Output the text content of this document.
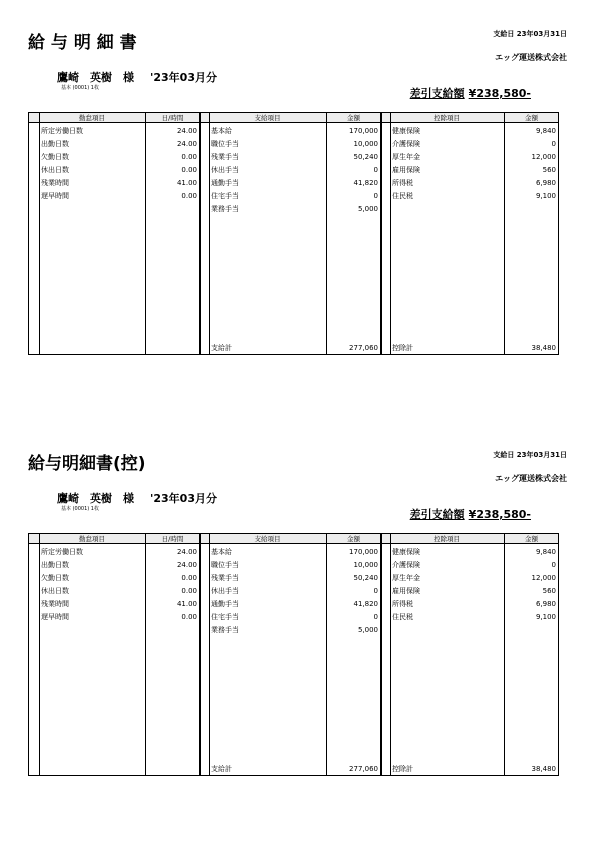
給 与 明 細 書	支給日 23年03月31日
エッグ運送株式会社
鷹崎　英樹　様 '23年03月分
基本 (0001) 1枚	差引支給額 ¥238,580-
勤怠項目	日/時間
所定労働日数	24.00
出勤日数	24.00
欠勤日数	0.00
休出日数	0.00
残業時間	41.00
遅早時間	0.00
支給項目	金額
基本給	170,000
職位手当	10,000
残業手当	50,240
休出手当	0
通勤手当	41,820
住宅手当	0
業務手当	5,000
支給計	277,060
控除項目	金額
健康保険	9,840
介護保険	0
厚生年金	12,000
雇用保険	560
所得税	6,980
住民税	9,100
控除計	38,480
給与明細書(控)	支給日 23年03月31日
エッグ運送株式会社
鷹崎　英樹　様 '23年03月分
基本 (0001) 1枚	差引支給額 ¥238,580-
勤怠項目	日/時間
所定労働日数	24.00
出勤日数	24.00
欠勤日数	0.00
休出日数	0.00
残業時間	41.00
遅早時間	0.00
支給項目	金額
基本給	170,000
職位手当	10,000
残業手当	50,240
休出手当	0
通勤手当	41,820
住宅手当	0
業務手当	5,000
支給計	277,060
控除項目	金額
健康保険	9,840
介護保険	0
厚生年金	12,000
雇用保険	560
所得税	6,980
住民税	9,100
控除計	38,480
